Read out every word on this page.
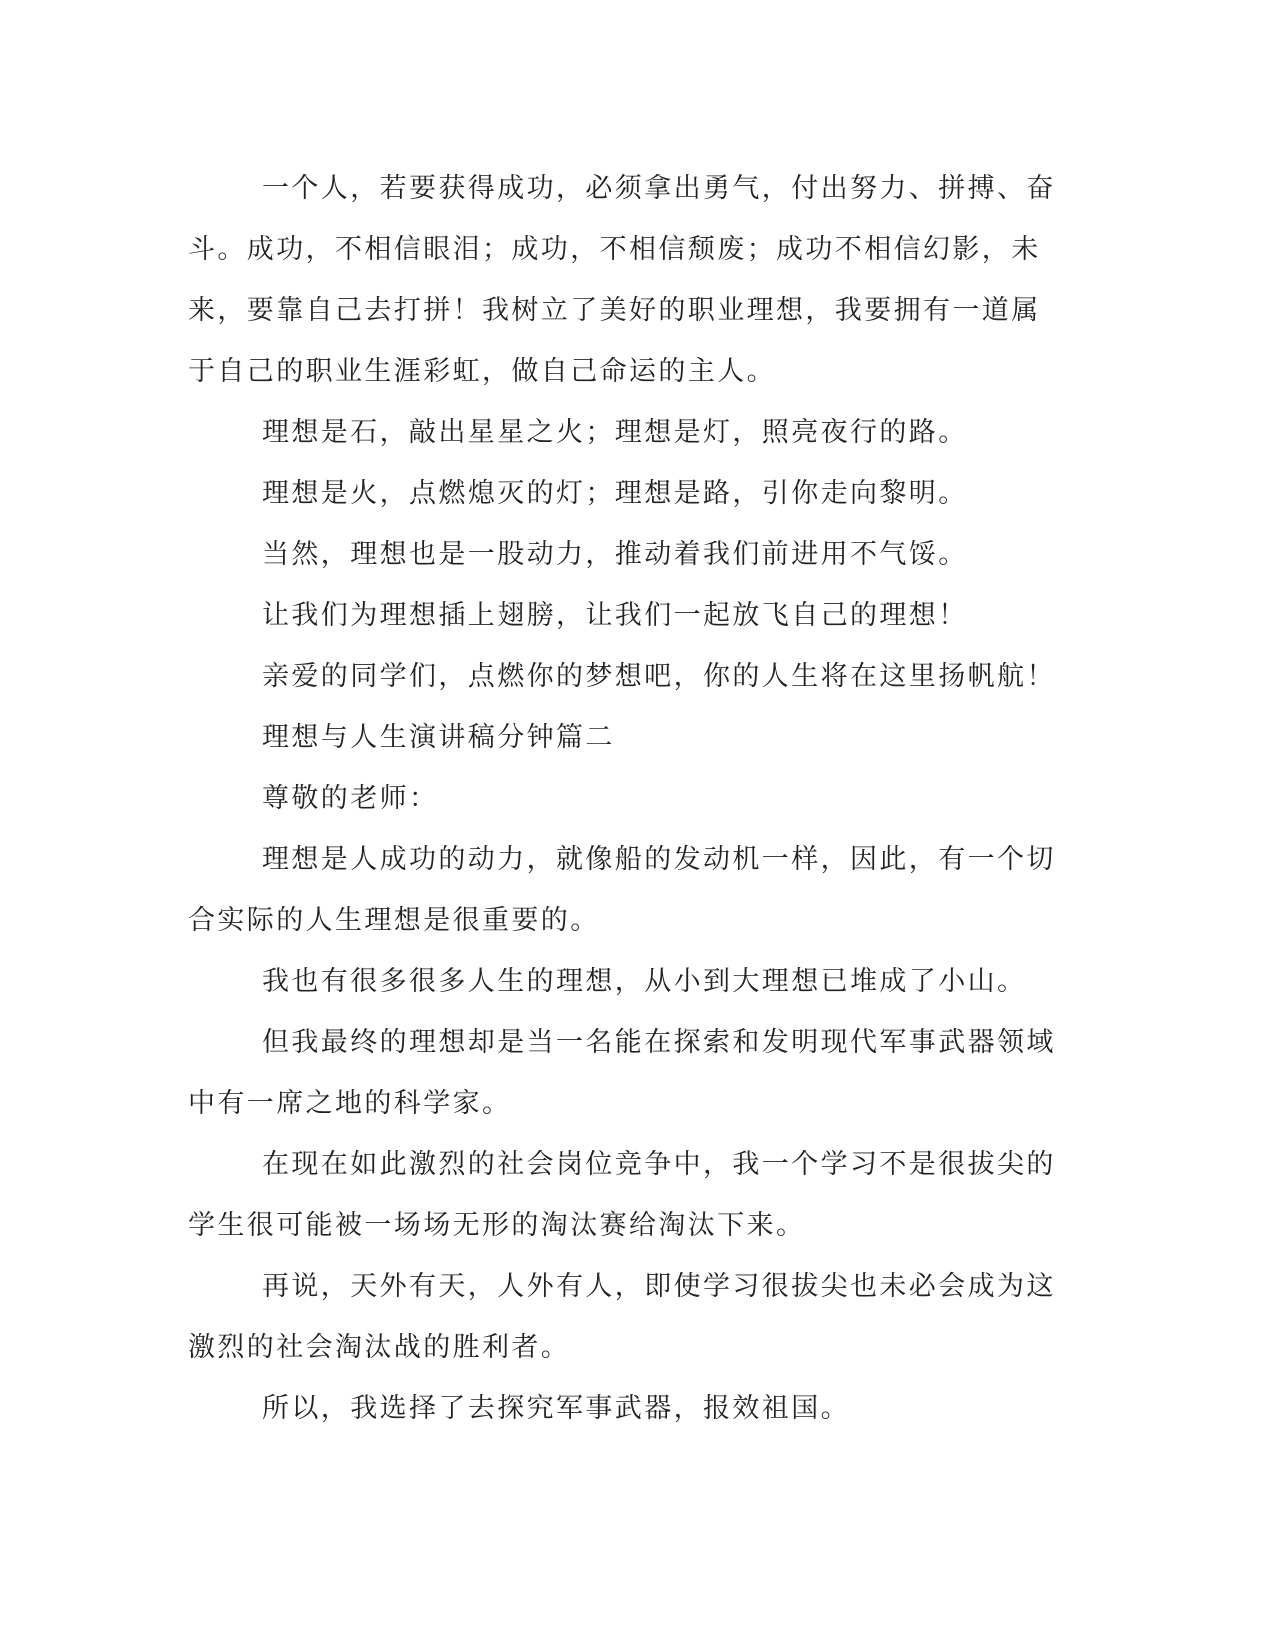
一个人，若要获得成功，必须拿出勇气，付出努力、拼搏、奋斗。成功，不相信眼泪；成功，不相信颓废；成功不相信幻影，未来，要靠自己去打拼！我树立了美好的职业理想，我要拥有一道属于自己的职业生涯彩虹，做自己命运的主人。

理想是石，敲出星星之火；理想是灯，照亮夜行的路。

理想是火，点燃熄灭的灯；理想是路，引你走向黎明。

当然，理想也是一股动力，推动着我们前进用不气馁。

让我们为理想插上翅膀，让我们一起放飞自己的理想！

亲爱的同学们，点燃你的梦想吧，你的人生将在这里扬帆航！

理想与人生演讲稿分钟篇二

尊敬的老师：

理想是人成功的动力，就像船的发动机一样，因此，有一个切合实际的人生理想是很重要的。

我也有很多很多人生的理想，从小到大理想已堆成了小山。

但我最终的理想却是当一名能在探索和发明现代军事武器领域中有一席之地的科学家。

在现在如此激烈的社会岗位竞争中，我一个学习不是很拔尖的学生很可能被一场场无形的淘汰赛给淘汰下来。

再说，天外有天，人外有人，即使学习很拔尖也未必会成为这激烈的社会淘汰战的胜利者。

所以，我选择了去探究军事武器，报效祖国。
